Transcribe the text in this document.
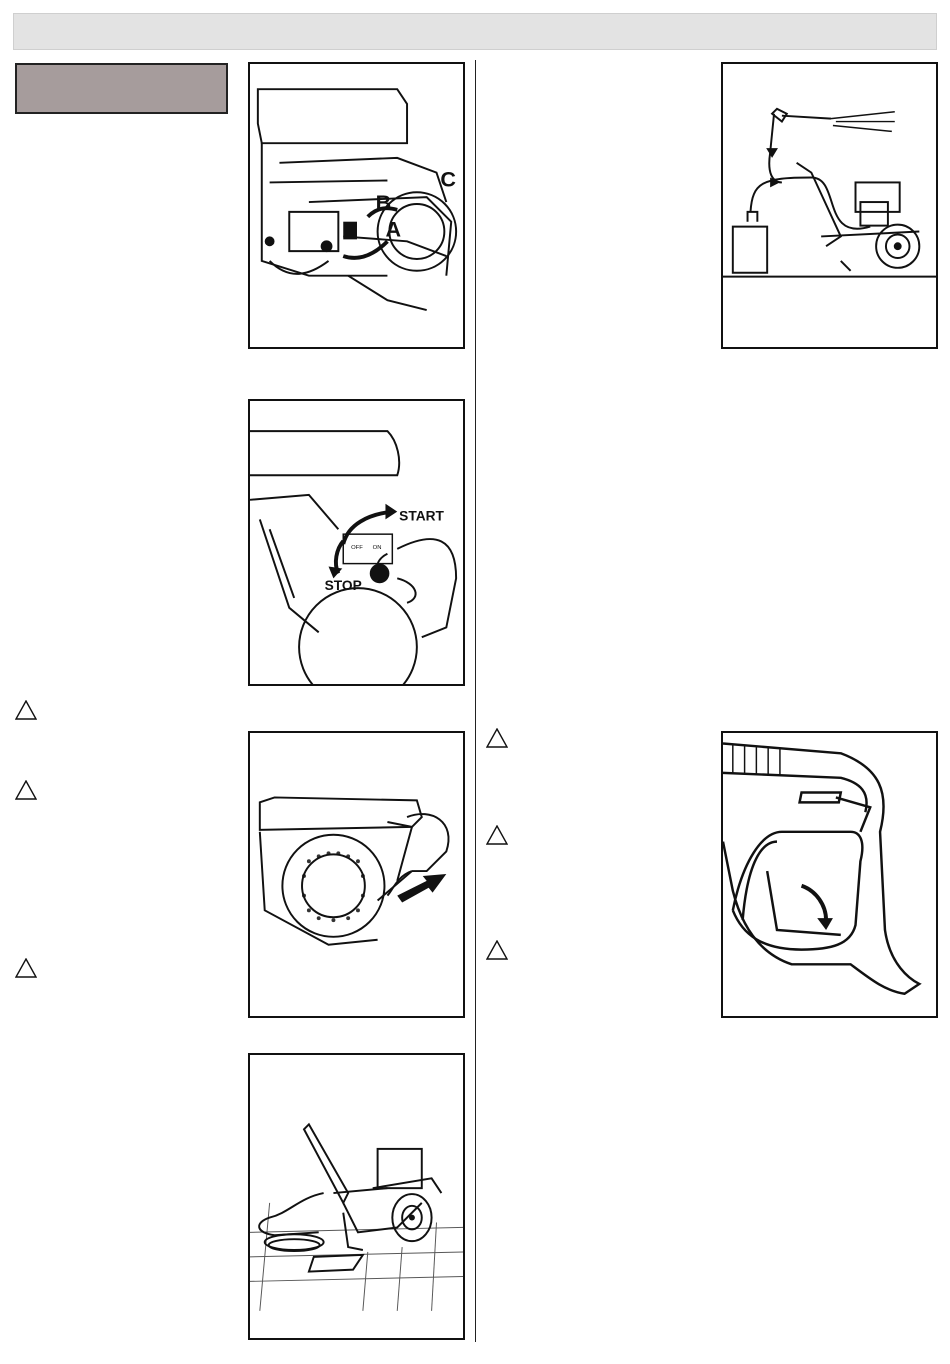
C
B
A
OFF ON
START
STOP
